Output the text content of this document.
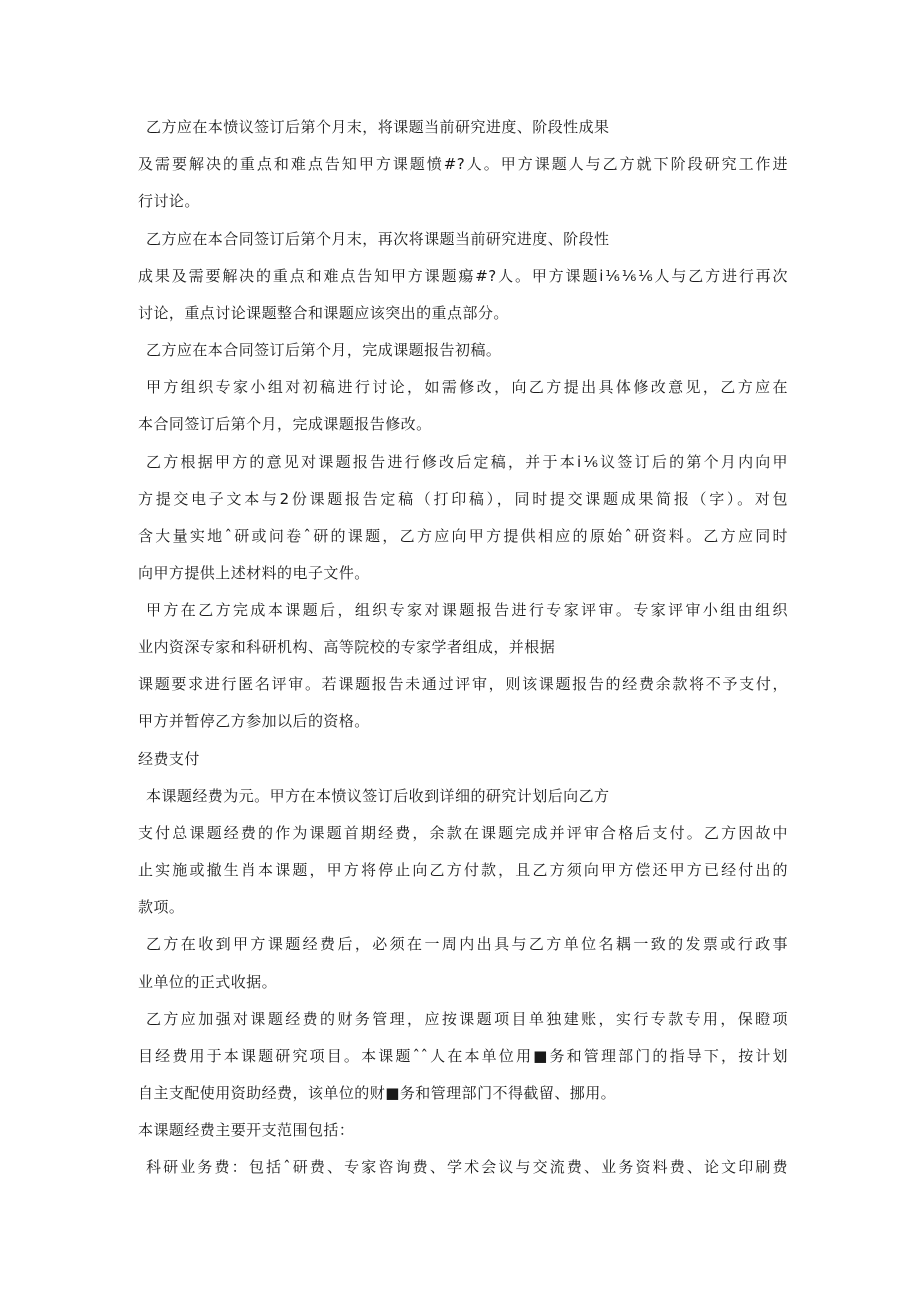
乙方应在本愤议签订后第个月末，将课题当前研究进度、阶段性成果
及需要解决的重点和难点告知甲方课题愤#?人。甲方课题人与乙方就下阶段研究工作进
行讨论。
乙方应在本合同签订后第个月末，再次将课题当前研究进度、阶段性
成果及需要解决的重点和难点告知甲方课题瘍#?人。甲方课题i⅙⅙⅙人与乙方进行再次
讨论，重点讨论课题整合和课题应该突出的重点部分。
乙方应在本合同签订后第个月，完成课题报告初稿。
甲方组织专家小组对初稿进行讨论，如需修改，向乙方提出具体修改意见，乙方应在
本合同签订后第个月，完成课题报告修改。
乙方根据甲方的意见对课题报告进行修改后定稿，并于本i⅙议签订后的第个月内向甲
方提交电子文本与2份课题报告定稿（打印稿），同时提交课题成果简报（字）。对包
含大量实地ˆ研或问卷ˆ研的课题，乙方应向甲方提供相应的原始ˆ研资料。乙方应同时
向甲方提供上述材料的电子文件。
甲方在乙方完成本课题后，组织专家对课题报告进行专家评审。专家评审小组由组织
业内资深专家和科研机构、高等院校的专家学者组成，并根据
课题要求进行匿名评审。若课题报告未通过评审，则该课题报告的经费余款将不予支付，
甲方并暂停乙方参加以后的资格。
经费支付
本课题经费为元。甲方在本愤议签订后收到详细的研究计划后向乙方
支付总课题经费的作为课题首期经费，余款在课题完成并评审合格后支付。乙方因故中
止实施或撤生肖本课题，甲方将停止向乙方付款，且乙方须向甲方偿还甲方已经付出的
款项。
乙方在收到甲方课题经费后，必须在一周内出具与乙方单位名耦一致的发票或行政事
业单位的正式收据。
乙方应加强对课题经费的财务管理，应按课题项目单独建账，实行专款专用，保瞪项
目经费用于本课题研究项目。本课题ˆˆ人在本单位用■务和管理部门的指导下，按计划
自主支配使用资助经费，该单位的财■务和管理部门不得截留、挪用。
本课题经费主要开支范围包括：
科研业务费：包括ˆ研费、专家咨询费、学术会议与交流费、业务资料费、论文印刷费
